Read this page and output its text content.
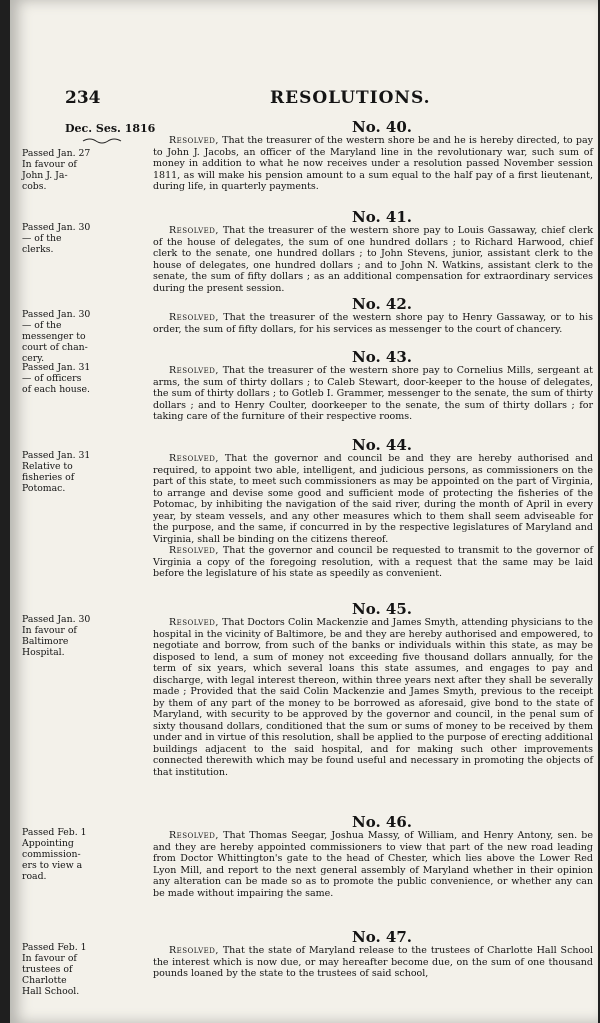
234	RESOLUTIONS.
Dec. Ses. 1816
Passed Jan. 27
In favour of
John J. Ja-
cobs.
No. 40.

Resolved, That the treasurer of the western shore be and he is hereby directed, to pay to John J. Jacobs, an officer of the Maryland line in the revolutionary war, such sum of money in addition to what he now receives under a resolution passed November session 1811, as will make his pension amount to a sum equal to the half pay of a first lieutenant, during life, in quarterly payments.

Passed Jan. 30
— of the
clerks.
No. 41.

Resolved, That the treasurer of the western shore pay to Louis Gassaway, chief clerk of the house of delegates, the sum of one hundred dollars ; to Richard Harwood, chief clerk to the senate, one hundred dollars ; to John Stevens, junior, assistant clerk to the house of delegates, one hundred dollars ; and to John N. Watkins, assistant clerk to the senate, the sum of fifty dollars ; as an additional compensation for extraordinary services during the present session.

Passed Jan. 30
— of the
messenger to
court of chan-
cery.
No. 42.

Resolved, That the treasurer of the western shore pay to Henry Gassaway, or to his order, the sum of fifty dollars, for his services as messenger to the court of chancery.

Passed Jan. 31
— of officers
of each house.
No. 43.

Resolved, That the treasurer of the western shore pay to Cornelius Mills, sergeant at arms, the sum of thirty dollars ; to Caleb Stewart, door-keeper to the house of delegates, the sum of thirty dollars ; to Gotleb I. Grammer, messenger to the senate, the sum of thirty dollars ; and to Henry Coulter, doorkeeper to the senate, the sum of thirty dollars ; for taking care of the furniture of their respective rooms.

Passed Jan. 31
Relative to
fisheries of
Potomac.
No. 44.

Resolved, That the governor and council be and they are hereby authorised and required, to appoint two able, intelligent, and judicious persons, as commissioners on the part of this state, to meet such commissioners as may be appointed on the part of Virginia, to arrange and devise some good and sufficient mode of protecting the fisheries of the Potomac, by inhibiting the navigation of the said river, during the month of April in every year, by steam vessels, and any other measures which to them shall seem adviseable for the purpose, and the same, if concurred in by the respective legislatures of Maryland and Virginia, shall be binding on the citizens thereof.

Resolved, That the governor and council be requested to transmit to the governor of Virginia a copy of the foregoing resolution, with a request that the same may be laid before the legislature of his state as speedily as convenient.

Passed Jan. 30
In favour of
Baltimore
Hospital.
No. 45.

Resolved, That Doctors Colin Mackenzie and James Smyth, attending physicians to the hospital in the vicinity of Baltimore, be and they are hereby authorised and empowered, to negotiate and borrow, from such of the banks or individuals within this state, as may be disposed to lend, a sum of money not exceeding five thousand dollars annually, for the term of six years, which several loans this state assumes, and engages to pay and discharge, with legal interest thereon, within three years next after they shall be severally made ; Provided that the said Colin Mackenzie and James Smyth, previous to the receipt by them of any part of the money to be borrowed as aforesaid, give bond to the state of Maryland, with security to be approved by the governor and council, in the penal sum of sixty thousand dollars, conditioned that the sum or sums of money to be received by them under and in virtue of this resolution, shall be applied to the purpose of erecting additional buildings adjacent to the said hospital, and for making such other improvements connected therewith which may be found useful and necessary in promoting the objects of that institution.

Passed Feb. 1
Appointing
commission-
ers to view a
road.
No. 46.

Resolved, That Thomas Seegar, Joshua Massy, of William, and Henry Antony, sen. be and they are hereby appointed commissioners to view that part of the new road leading from Doctor Whittington's gate to the head of Chester, which lies above the Lower Red Lyon Mill, and report to the next general assembly of Maryland whether in their opinion any alteration can be made so as to promote the public convenience, or whether any can be made without impairing the same.

Passed Feb. 1
In favour of
trustees of
Charlotte
Hall School.
No. 47.

Resolved, That the state of Maryland release to the trustees of Charlotte Hall School the interest which is now due, or may hereafter become due, on the sum of one thousand pounds loaned by the state to the trustees of said school,
